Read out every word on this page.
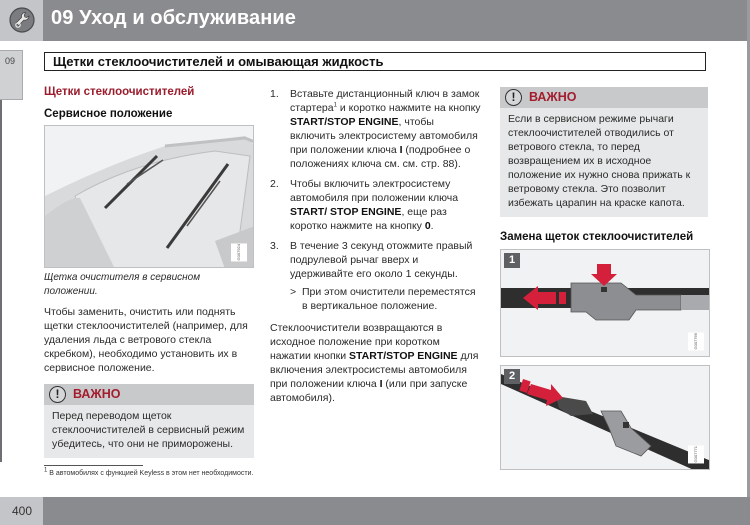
09 Уход и обслуживание
09	Щетки стеклоочистителей и омывающая жидкость
Щетки стеклоочистителей
Сервисное положение
G007924
Щетка очистителя в сервисном положении.

Чтобы заменить, очистить или поднять щетки стеклоочистителей (например, для удаления льда с ветрового стекла скребком), необходимо установить их в сервисное положение.

!	ВАЖНО
Перед переводом щеток стеклоочистителей в сервисный режим убедитесь, что они не приморожены.
1. Вставьте дистанционный ключ в замок стартера$^1$ и коротко нажмите на кнопку START/STOP ENGINE, чтобы включить электросистему автомобиля при положении ключа I (подробнее о положениях ключа см. см. стр. 88).
2. Чтобы включить электросистему автомобиля при положении ключа START/ STOP ENGINE, еще раз коротко нажмите на кнопку 0.
3. В течение 3 секунд отожмите правый подрулевой рычаг вверх и удерживайте его около 1 секунды.
> При этом очистители переместятся в вертикальное положение.

Стеклоочистители возвращаются в исходное положение при коротком нажатии кнопки START/STOP ENGINE для включения электросистемы автомобиля при положении ключа I (или при запуске автомобиля).

!	ВАЖНО
Если в сервисном режиме рычаги стеклоочистителей отводились от ветрового стекла, то перед возвращением их в исходное положение их нужно снова прижать к ветровому стекла. Это позволит избежать царапин на краске капота.
Замена щеток стеклоочистителей
1
G007769
2
G007771
$^1$ В автомобилях с функцией Keyless в этом нет необходимости.
400
